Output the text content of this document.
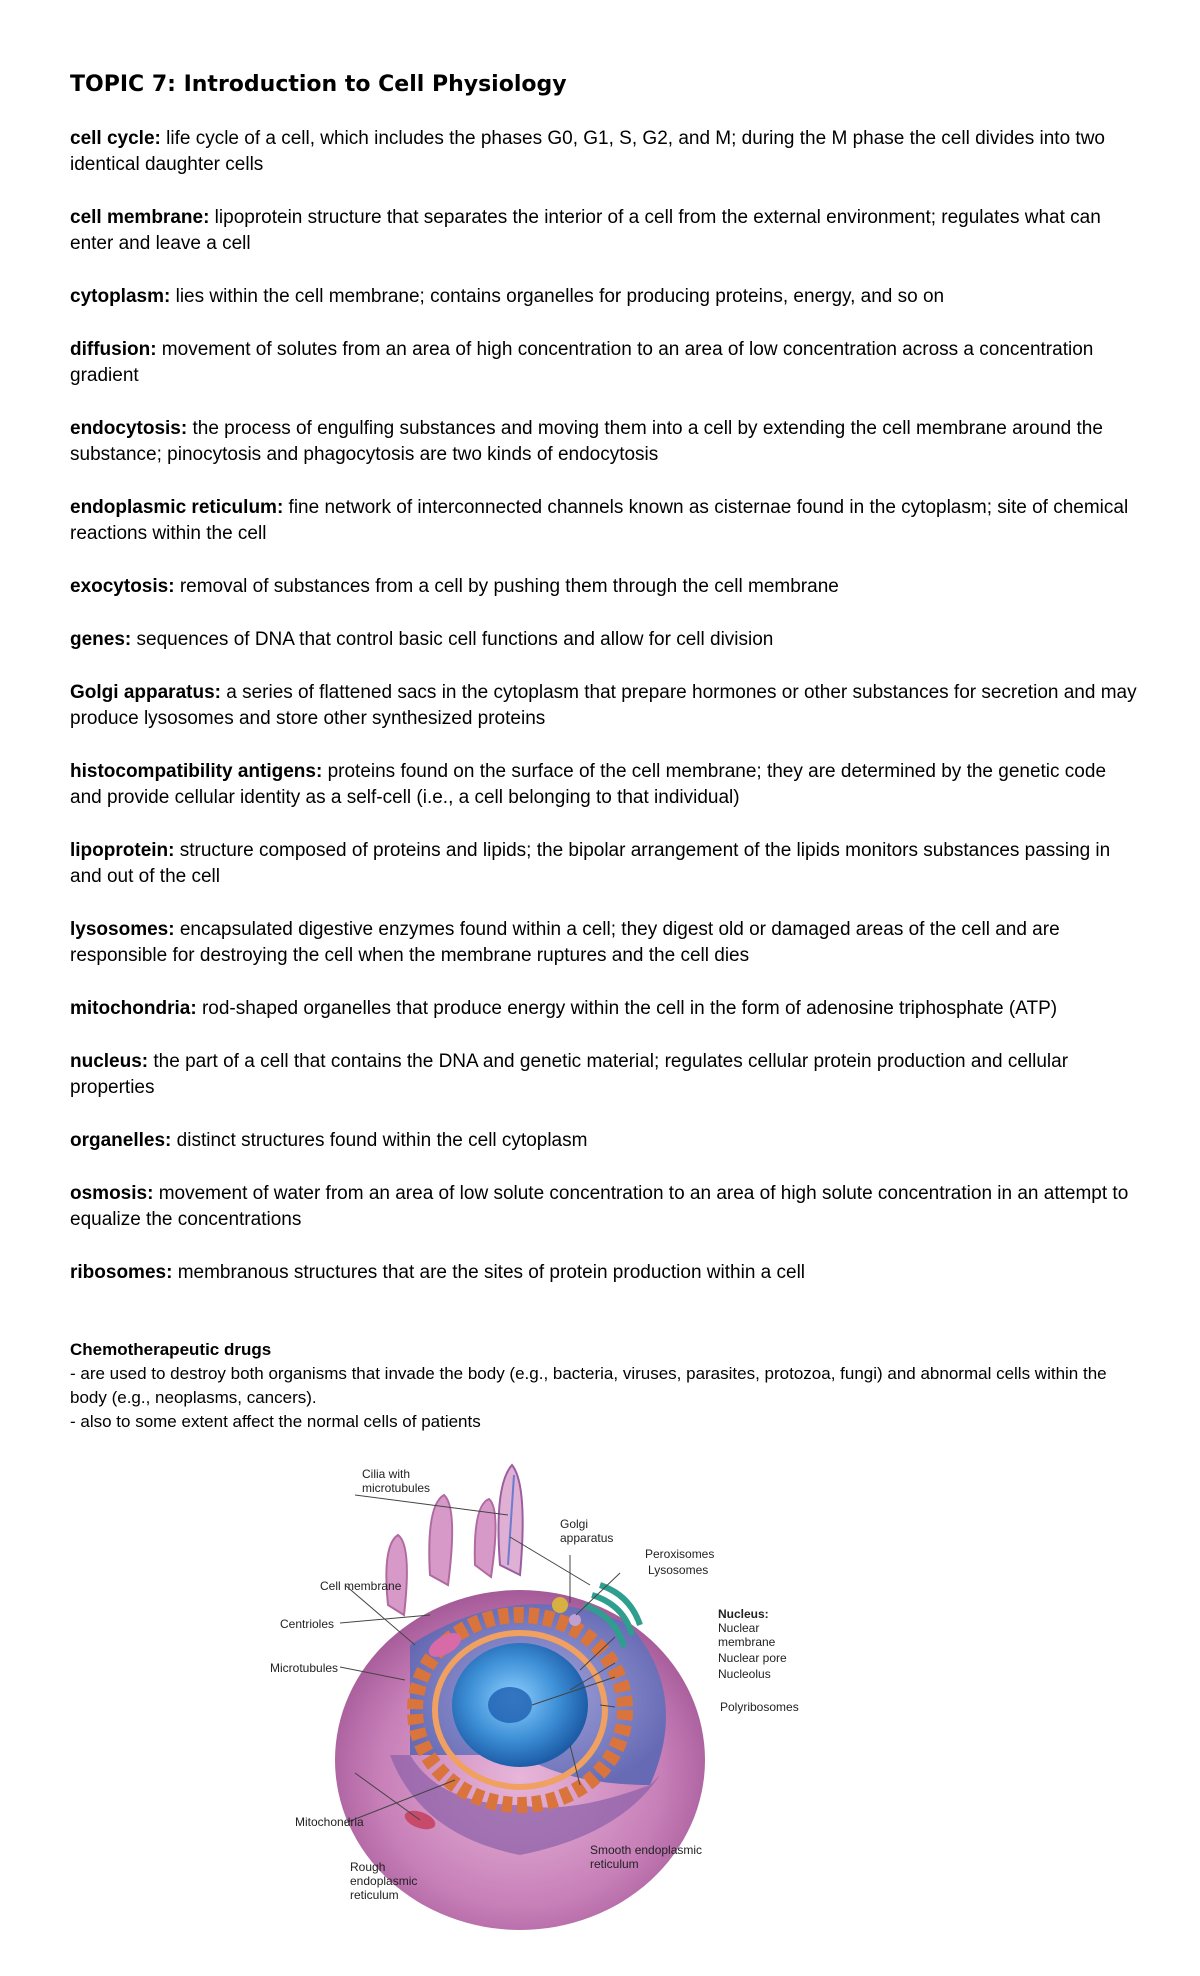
TOPIC 7: Introduction to Cell Physiology

cell cycle: life cycle of a cell, which includes the phases G0, G1, S, G2, and M; during the M phase the cell divides into two identical daughter cells

cell membrane: lipoprotein structure that separates the interior of a cell from the external environment; regulates what can enter and leave a cell

cytoplasm: lies within the cell membrane; contains organelles for producing proteins, energy, and so on

diffusion: movement of solutes from an area of high concentration to an area of low concentration across a concentration gradient

endocytosis: the process of engulfing substances and moving them into a cell by extending the cell membrane around the substance; pinocytosis and phagocytosis are two kinds of endocytosis

endoplasmic reticulum: fine network of interconnected channels known as cisternae found in the cytoplasm; site of chemical reactions within the cell

exocytosis: removal of substances from a cell by pushing them through the cell membrane

genes: sequences of DNA that control basic cell functions and allow for cell division

Golgi apparatus: a series of flattened sacs in the cytoplasm that prepare hormones or other substances for secretion and may produce lysosomes and store other synthesized proteins

histocompatibility antigens: proteins found on the surface of the cell membrane; they are determined by the genetic code and provide cellular identity as a self-cell (i.e., a cell belonging to that individual)

lipoprotein: structure composed of proteins and lipids; the bipolar arrangement of the lipids monitors substances passing in and out of the cell

lysosomes: encapsulated digestive enzymes found within a cell; they digest old or damaged areas of the cell and are responsible for destroying the cell when the membrane ruptures and the cell dies

mitochondria: rod-shaped organelles that produce energy within the cell in the form of adenosine triphosphate (ATP)

nucleus: the part of a cell that contains the DNA and genetic material; regulates cellular protein production and cellular properties

organelles: distinct structures found within the cell cytoplasm

osmosis: movement of water from an area of low solute concentration to an area of high solute concentration in an attempt to equalize the concentrations

ribosomes: membranous structures that are the sites of protein production within a cell

Chemotherapeutic drugs

- are used to destroy both organisms that invade the body (e.g., bacteria, viruses, parasites, protozoa, fungi) and abnormal cells within the body (e.g., neoplasms, cancers).

- also to some extent affect the normal cells of patients

Cilia with microtubules
Golgi apparatus
Peroxisomes
Lysosomes
Cell membrane
Centrioles
Microtubules
Nucleus:
Nuclear membrane
Nuclear pore
Nucleolus
Polyribosomes
Mitochondria
Smooth endoplasmic reticulum
Rough endoplasmic reticulum
